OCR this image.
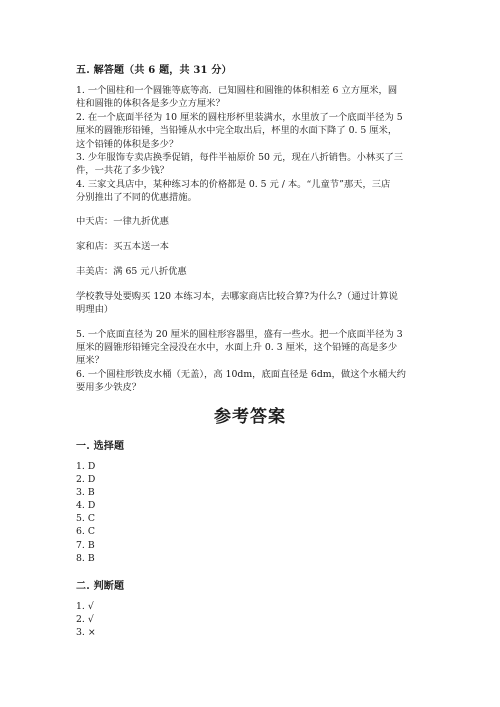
五. 解答题（共 6 题，共 31 分）
1. 一个圆柱和一个圆锥等底等高．已知圆柱和圆锥的体积相差 6 立方厘米，圆
柱和圆锥的体积各是多少立方厘米？
2. 在一个底面半径为 10 厘米的圆柱形杯里装满水，水里放了一个底面半径为 5
厘米的圆锥形铅锤，当铅锤从水中完全取出后，杯里的水面下降了 0. 5 厘米，
这个铅锤的体积是多少？
3. 少年服饰专卖店换季促销，每件半袖原价 50 元，现在八折销售。小林买了三
件，一共花了多少钱？
4. 三家文具店中，某种练习本的价格都是 0. 5 元 / 本。“儿童节”那天，三店
分别推出了不同的优惠措施。
中天店：一律九折优惠
家和店：买五本送一本
丰美店：满 65 元八折优惠
学校教导处要购买 120 本练习本，去哪家商店比较合算?为什么?（通过计算说
明理由）
5. 一个底面直径为 20 厘米的圆柱形容器里，盛有一些水。把一个底面半径为 3
厘米的圆锥形铅锤完全浸没在水中，水面上升 0. 3 厘米，这个铅锤的高是多少
厘米？
6. 一个圆柱形铁皮水桶（无盖），高 10dm，底面直径是 6dm，做这个水桶大约
要用多少铁皮？
参考答案
一. 选择题
1. D
2. D
3. B
4. D
5. C
6. C
7. B
8. B
二. 判断题
1. √
2. √
3. ×
